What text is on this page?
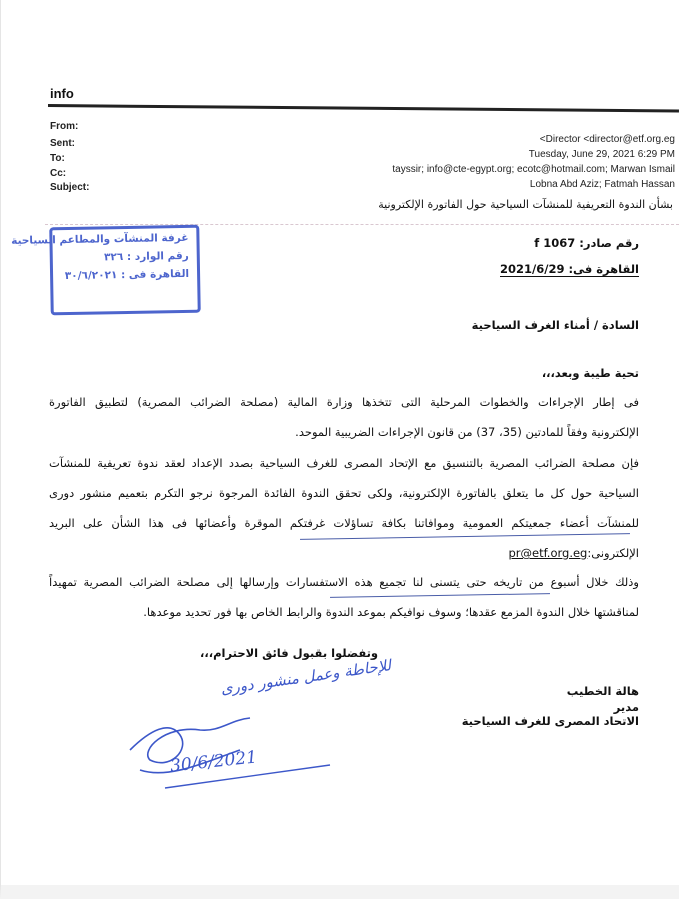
info
From:
Sent:
To:
Cc:
Subject:
<Director <director@etf.org.eg
Tuesday, June 29, 2021 6:29 PM
tayssir; info@cte-egypt.org; ecotc@hotmail.com; Marwan Ismail
Lobna Abd Aziz; Fatmah Hassan
بشأن الندوة التعريفية للمنشآت السياحية حول الفاتورة الإلكترونية
غرفة المنشآت والمطاعم السياحية
رقم الوارد : ٣٢٦
القاهرة فى : ٣٠/٦/٢٠٢١
رقم صادر: f 1067
القاهرة فى: 2021/6/29
السادة / أمناء الغرف السياحية
تحية طيبة وبعد،،،
فى إطار الإجراءات والخطوات المرحلية التى تتخذها وزارة المالية (مصلحة الضرائب المصرية) لتطبيق الفاتورة
الإلكترونية وفقاً للمادتين (35، 37) من قانون الإجراءات الضريبية الموحد.
فإن مصلحة الضرائب المصرية بالتنسيق مع الإتحاد المصرى للغرف السياحية بصدد الإعداد لعقد ندوة تعريفية للمنشآت
السياحية حول كل ما يتعلق بالفاتورة الإلكترونية، ولكى تحقق الندوة الفائدة المرجوة نرجو التكرم بتعميم منشور دورى
للمنشآت أعضاء جمعيتكم العمومية وموافاتنا بكافة تساؤلات غرفتكم الموقرة وأعضائها فى هذا الشأن على البريد
الإلكترونى:pr@etf.org.eg
وذلك خلال أسبوع من تاريخه حتى يتسنى لنا تجميع هذه الاستفسارات وإرسالها إلى مصلحة الضرائب المصرية تمهيداً
لمناقشتها خلال الندوة المزمع عقدها؛ وسوف نوافيكم بموعد الندوة والرابط الخاص بها فور تحديد موعدها.
وتفضلوا بقبول فائق الاحترام،،،
هالة الخطيب
مدير
الاتحاد المصرى للغرف السياحية
للإحاطة وعمل منشور دورى
30/6/2021
